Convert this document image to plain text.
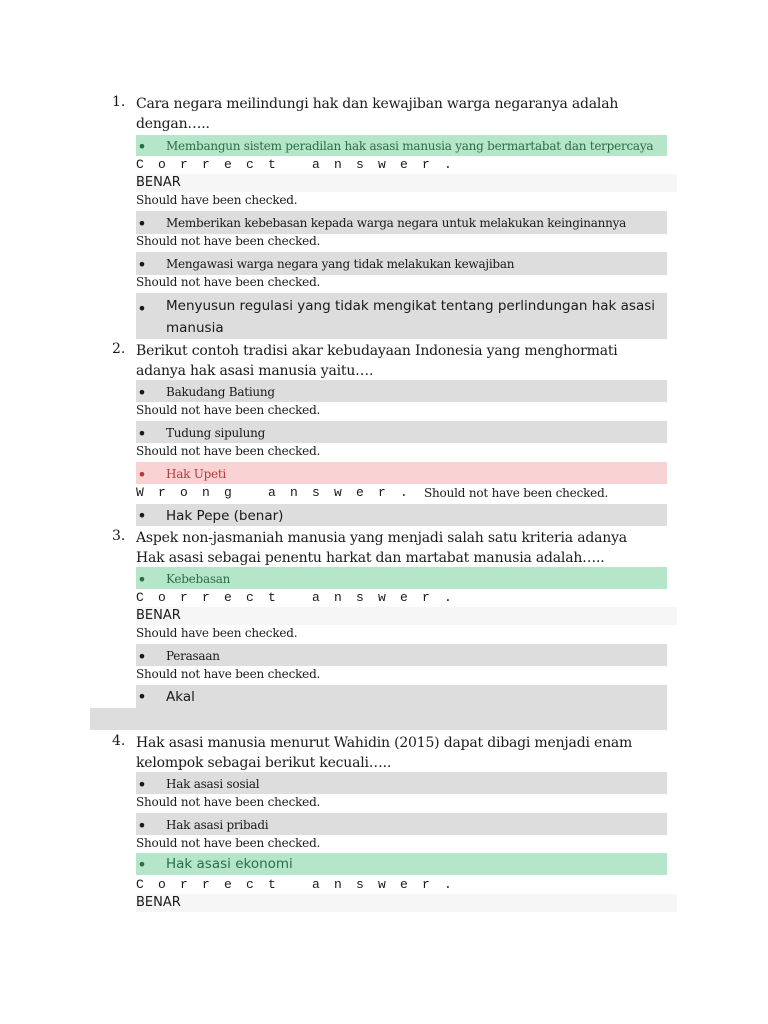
1. Cara negara meilindungi hak dan kewajiban warga negaranya adalah dengan…..
• Membangun sistem peradilan hak asasi manusia yang bermartabat dan terpercaya
Correct answer.
BENAR
Should have been checked.
• Memberikan kebebasan kepada warga negara untuk melakukan keinginannya
Should not have been checked.
• Mengawasi warga negara yang tidak melakukan kewajiban
Should not have been checked.
• Menyusun regulasi yang tidak mengikat tentang perlindungan hak asasi manusia
2. Berikut contoh tradisi akar kebudayaan Indonesia yang menghormati adanya hak asasi manusia yaitu….
• Bakudang Batiung
Should not have been checked.
• Tudung sipulung
Should not have been checked.
• Hak Upeti
Wrong answer. Should not have been checked.
• Hak Pepe (benar)
3. Aspek non-jasmaniah manusia yang menjadi salah satu kriteria adanya Hak asasi sebagai penentu harkat dan martabat manusia adalah…..
• Kebebasan
Correct answer.
BENAR
Should have been checked.
• Perasaan
Should not have been checked.
• Akal
4. Hak asasi manusia menurut Wahidin (2015) dapat dibagi menjadi enam kelompok sebagai berikut kecuali…..
• Hak asasi sosial
Should not have been checked.
• Hak asasi pribadi
Should not have been checked.
• Hak asasi ekonomi
Correct answer.
BENAR
